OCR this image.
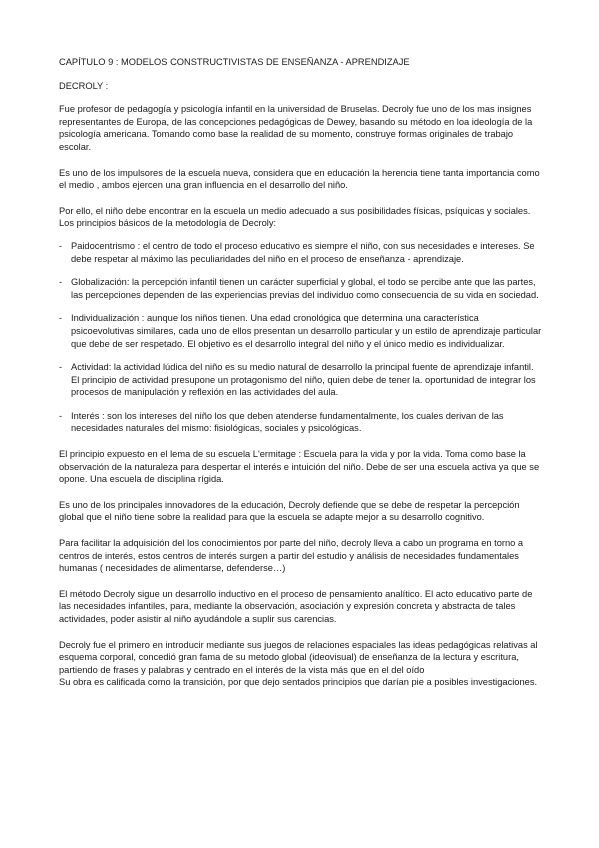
CAPÍTULO 9 : MODELOS CONSTRUCTIVISTAS DE ENSEÑANZA - APRENDIZAJE
DECROLY :

Fue profesor de pedagogía y psicología infantil en la universidad de Bruselas. Decroly fue uno de los mas insignes representantes de Europa, de las concepciones pedagógicas de Dewey, basando su método en loa ideología de la psicología americana. Tomando como base la realidad de su momento, construye formas originales de trabajo escolar.

Es uno de los impulsores de la escuela nueva, considera que en educación la herencia tiene tanta importancia como el medio , ambos ejercen una gran influencia en el desarrollo del niño.

Por ello, el niño debe encontrar en la escuela un medio adecuado a sus posibilidades físicas, psíquicas y sociales.

Los principios básicos de la metodología de Decroly:
- Paidocentrismo : el centro de todo el proceso educativo es siempre el niño, con sus necesidades e intereses. Se debe respetar al máximo las peculiaridades del niño en el proceso de enseñanza - aprendizaje.
- Globalización: la percepción infantil tienen un carácter superficial y global, el todo se percibe ante que las partes, las percepciones dependen de las experiencias previas del individuo como consecuencia de su vida en sociedad.
- Individualización : aunque los niños tienen. Una edad cronológica que determina una característica psicoevolutivas similares, cada uno de ellos presentan un desarrollo particular y un estilo de aprendizaje particular que debe de ser respetado. El objetivo es el desarrollo integral del niño y el único medio es individualizar.
- Actividad: la actividad lúdica del niño es su medio natural de desarrollo la principal fuente de aprendizaje infantil. El principio de actividad presupone un protagonismo del niño, quien debe de tener la. oportunidad de integrar los procesos de manipulación y reflexión en las actividades del aula.
- Interés : son los intereses del niño los que deben atenderse fundamentalmente, los cuales derivan de las necesidades naturales del mismo: fisiológicas, sociales y psicológicas.

El principio expuesto en el lema de su escuela L'ermitage : Escuela para la vida y por la vida. Toma como base la observación de la naturaleza para despertar el interés e intuición del niño. Debe de ser una escuela activa ya que se opone. Una escuela de disciplina rígida.

Es uno de los principales innovadores de la educación, Decroly defiende que se debe de respetar la percepción global que el niño tiene sobre la realidad para que la escuela se adapte mejor a su desarrollo cognitivo.

Para facilitar la adquisición del los conocimientos por parte del niño, decroly lleva a cabo un programa en torno a centros de interés, estos centros de interés surgen a partir del estudio y análisis de necesidades fundamentales humanas ( necesidades de alimentarse, defenderse…)

El método Decroly sigue un desarrollo inductivo en el proceso de pensamiento analítico. El acto educativo parte de las necesidades infantiles, para, mediante la observación, asociación y expresión concreta y abstracta de tales actividades, poder asistir al niño ayudándole a suplir sus carencias.

Decroly fue el primero en introducir mediante sus juegos de relaciones espaciales las ideas pedagógicas relativas al esquema corporal, concedió gran fama de su metodo global (ideovisual) de enseñanza de la lectura y escritura, partiendo de frases y palabras y centrado en el interés de la vista más que en el del oído

Su obra es calificada como la transición, por que dejo sentados principios que darían pie a posibles investigaciones.
